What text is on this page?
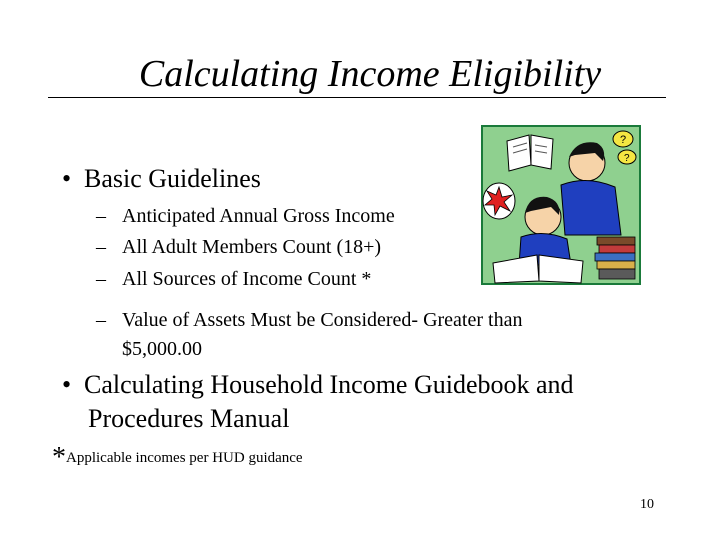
Calculating Income Eligibility
• Basic Guidelines
– Anticipated Annual Gross Income
– All Adult Members Count (18+)
– All Sources of Income Count *
– Value of Assets Must be Considered- Greater than
$5,000.00
• Calculating Household Income Guidebook and
Procedures Manual
*Applicable incomes per HUD guidance
10
?
?
